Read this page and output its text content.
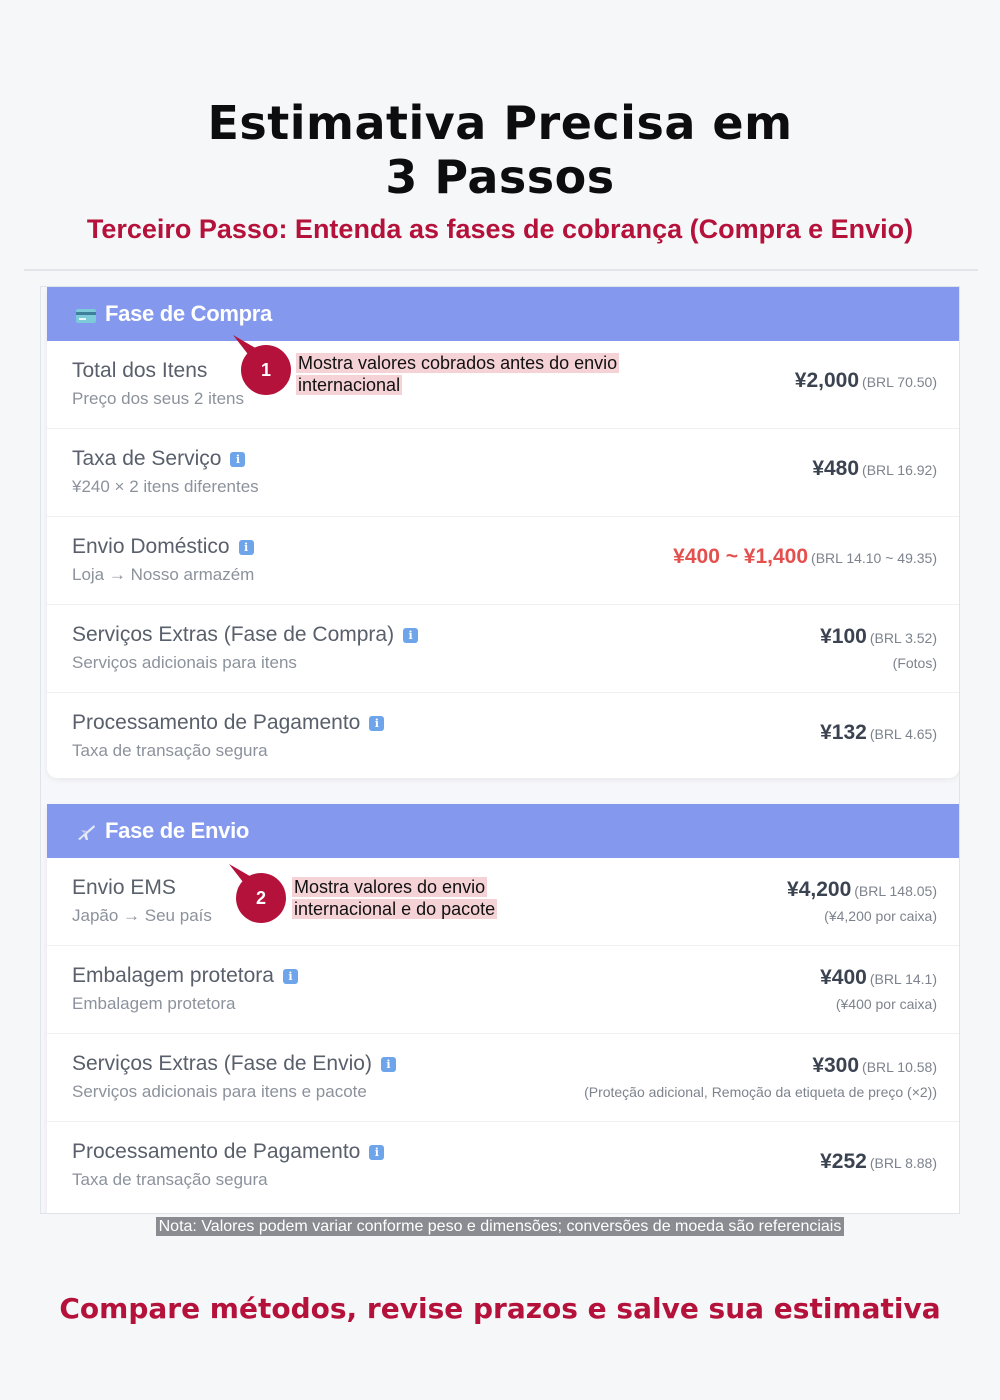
Estimativa Precisa em
3 Passos
Terceiro Passo: Entenda as fases de cobrança (Compra e Envio)
Fase de Compra
Total dos Itens
Preço dos seus 2 itens
¥2,000 (BRL 70.50)
Taxa de Serviço	i
¥240 × 2 itens diferentes
¥480 (BRL 16.92)
Envio Doméstico	i
Loja → Nosso armazém
¥400 ~ ¥1,400 (BRL 14.10 ~ 49.35)
Serviços Extras (Fase de Compra)	i
Serviços adicionais para itens
¥100 (BRL 3.52)
(Fotos)
Processamento de Pagamento	i
Taxa de transação segura
¥132 (BRL 4.65)
Fase de Envio
Envio EMS
Japão → Seu país
¥4,200 (BRL 148.05)
(¥4,200 por caixa)
Embalagem protetora	i
Embalagem protetora
¥400 (BRL 14.1)
(¥400 por caixa)
Serviços Extras (Fase de Envio)	i
Serviços adicionais para itens e pacote
¥300 (BRL 10.58)
(Proteção adicional, Remoção da etiqueta de preço (×2))
Processamento de Pagamento	i
Taxa de transação segura
¥252 (BRL 8.88)
1	Mostra valores cobrados antes do envio
internacional
2
Mostra valores do envio
internacional e do pacote
Nota: Valores podem variar conforme peso e dimensões; conversões de moeda são referenciais
Compare métodos, revise prazos e salve sua estimativa
